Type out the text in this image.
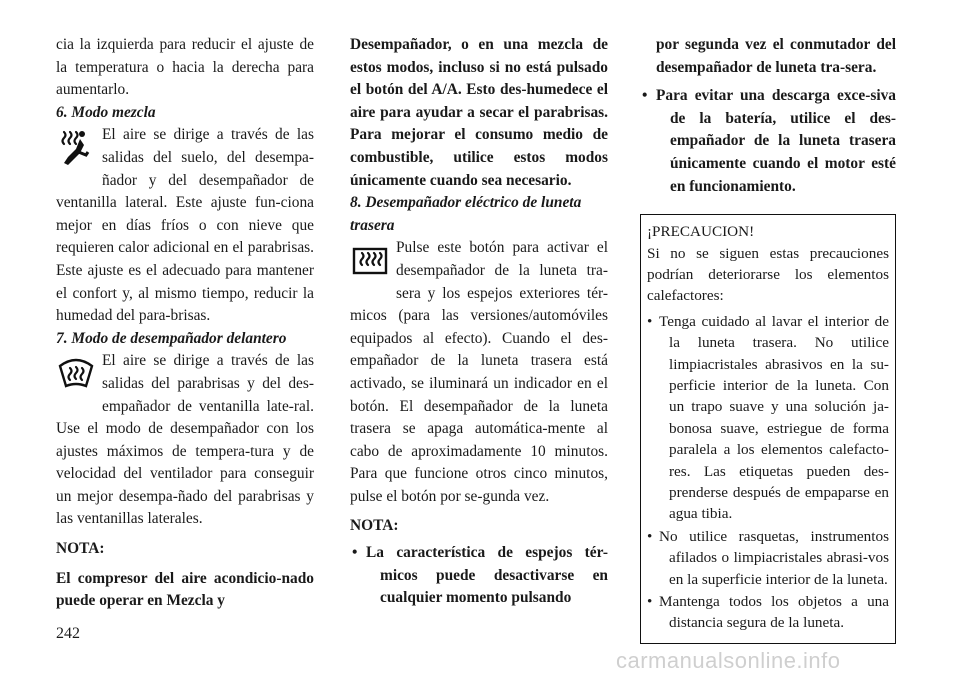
cia la izquierda para reducir el ajuste de la temperatura o hacia la derecha para aumentarlo.

6. Modo mezcla

El aire se dirige a través de las salidas del suelo, del desempa-ñador y del desempañador de ventanilla lateral. Este ajuste fun-ciona mejor en días fríos o con nieve que requieren calor adicional en el parabrisas. Este ajuste es el adecuado para mantener el confort y, al mismo tiempo, reducir la humedad del para-brisas.

7. Modo de desempañador delantero

El aire se dirige a través de las salidas del parabrisas y del des-empañador de ventanilla late-ral. Use el modo de desempañador con los ajustes máximos de tempera-tura y de velocidad del ventilador para conseguir un mejor desempa-ñado del parabrisas y las ventanillas laterales.

NOTA:

El compresor del aire acondicio-nado puede operar en Mezcla y

Desempañador, o en una mezcla de estos modos, incluso si no está pulsado el botón del A/A. Esto des-humedece el aire para ayudar a secar el parabrisas. Para mejorar el consumo medio de combustible, utilice estos modos únicamente cuando sea necesario.

8. Desempañador eléctrico de luneta trasera

Pulse este botón para activar el desempañador de la luneta tra-sera y los espejos exteriores tér-micos (para las versiones/automóviles equipados al efecto). Cuando el des-empañador de la luneta trasera está activado, se iluminará un indicador en el botón. El desempañador de la luneta trasera se apaga automática-mente al cabo de aproximadamente 10 minutos. Para que funcione otros cinco minutos, pulse el botón por se-gunda vez.

NOTA:

• La característica de espejos tér-micos puede desactivarse en cualquier momento pulsando

por segunda vez el conmutador del desempañador de luneta tra-sera.

• Para evitar una descarga exce-siva de la batería, utilice el des-empañador de la luneta trasera únicamente cuando el motor esté en funcionamiento.

¡PRECAUCION!

Si no se siguen estas precauciones podrían deteriorarse los elementos calefactores:

• Tenga cuidado al lavar el interior de la luneta trasera. No utilice limpiacristales abrasivos en la su-perficie interior de la luneta. Con un trapo suave y una solución ja-bonosa suave, estriegue de forma paralela a los elementos calefacto-res. Las etiquetas pueden des-prenderse después de empaparse en agua tibia.
• No utilice rasquetas, instrumentos afilados o limpiacristales abrasi-vos en la superficie interior de la luneta.
• Mantenga todos los objetos a una distancia segura de la luneta.
242
carmanualsonline.info
